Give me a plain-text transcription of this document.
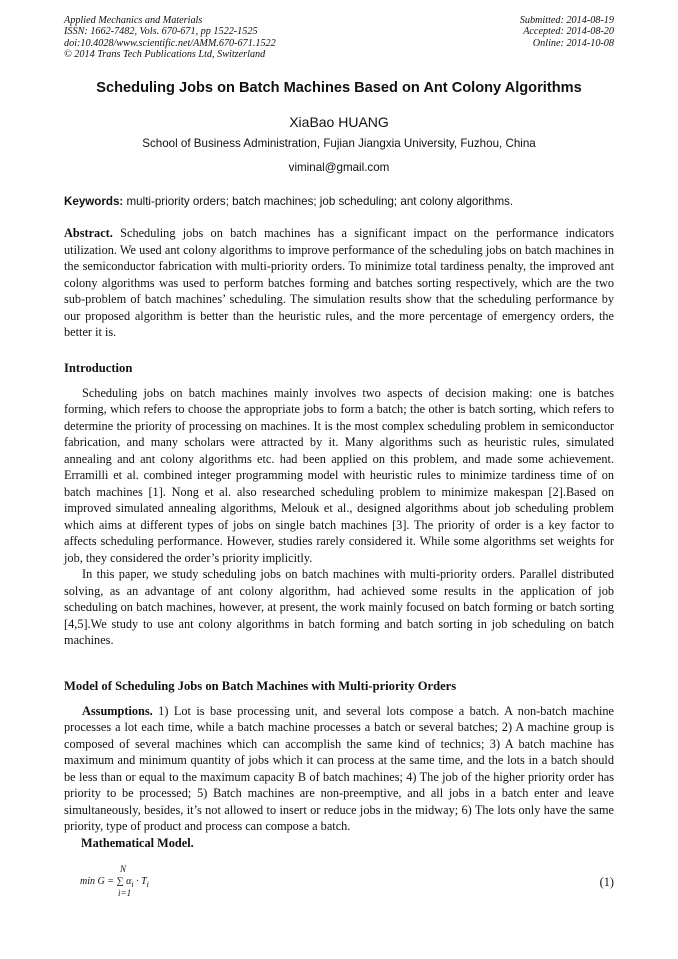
Applied Mechanics and Materials
ISSN: 1662-7482, Vols. 670-671, pp 1522-1525
doi:10.4028/www.scientific.net/AMM.670-671.1522
© 2014 Trans Tech Publications Ltd, Switzerland
Submitted: 2014-08-19
Accepted: 2014-08-20
Online: 2014-10-08
Scheduling Jobs on Batch Machines Based on Ant Colony Algorithms
XiaBao HUANG
School of Business Administration, Fujian Jiangxia University, Fuzhou, China
viminal@gmail.com
Keywords: multi-priority orders; batch machines; job scheduling; ant colony algorithms.

Abstract. Scheduling jobs on batch machines has a significant impact on the performance indicators utilization. We used ant colony algorithms to improve performance of the scheduling jobs on batch machines in the semiconductor fabrication with multi-priority orders. To minimize total tardiness penalty, the improved ant colony algorithms was used to perform batches forming and batches sorting respectively, which are the two sub-problem of batch machines’ scheduling. The simulation results show that the scheduling performance by our proposed algorithm is better than the heuristic rules, and the more percentage of emergency orders, the better it is.

Introduction

Scheduling jobs on batch machines mainly involves two aspects of decision making: one is batches forming, which refers to choose the appropriate jobs to form a batch; the other is batch sorting, which refers to determine the priority of processing on machines. It is the most complex scheduling problem in semiconductor fabrication, and many scholars were attracted by it. Many algorithms such as heuristic rules, simulated annealing and ant colony algorithms etc. had been applied on this problem, and made some achievement. Erramilli et al. combined integer programming model with heuristic rules to minimize tardiness time of on batch machines [1]. Nong et al. also researched scheduling problem to minimize makespan [2].Based on improved simulated annealing algorithms, Melouk et al., designed algorithms about job scheduling problem which aims at different types of jobs on single batch machines [3]. The priority of order is a key factor to affects scheduling performance. However, studies rarely considered it. While some algorithms set weights for job, they considered the order’s priority implicitly.

In this paper, we study scheduling jobs on batch machines with multi-priority orders. Parallel distributed solving, as an advantage of ant colony algorithm, had achieved some results in the application of job scheduling on batch machines, however, at present, the work mainly focused on batch forming or batch sorting [4,5].We study to use ant colony algorithms in batch forming and batch sorting in job scheduling on batch machines.

Model of Scheduling Jobs on Batch Machines with Multi-priority Orders

Assumptions. 1) Lot is base processing unit, and several lots compose a batch. A non-batch machine processes a lot each time, while a batch machine processes a batch or several batches; 2) A machine group is composed of several machines which can accomplish the same kind of technics; 3) A batch machine has maximum and minimum quantity of jobs which it can process at the same time, and the lots in a batch should be less than or equal to the maximum capacity B of batch machines; 4) The job of the higher priority order has priority to be processed; 5) Batch machines are non-preemptive, and all jobs in a batch enter and leave simultaneously, besides, it’s not allowed to insert or reduce jobs in the midway; 6) The lots only have the same priority, type of product and process can compose a batch.

Mathematical Model.
N
min G = ∑ $\alpha_i \cdot T_i$
i=1
(1)
